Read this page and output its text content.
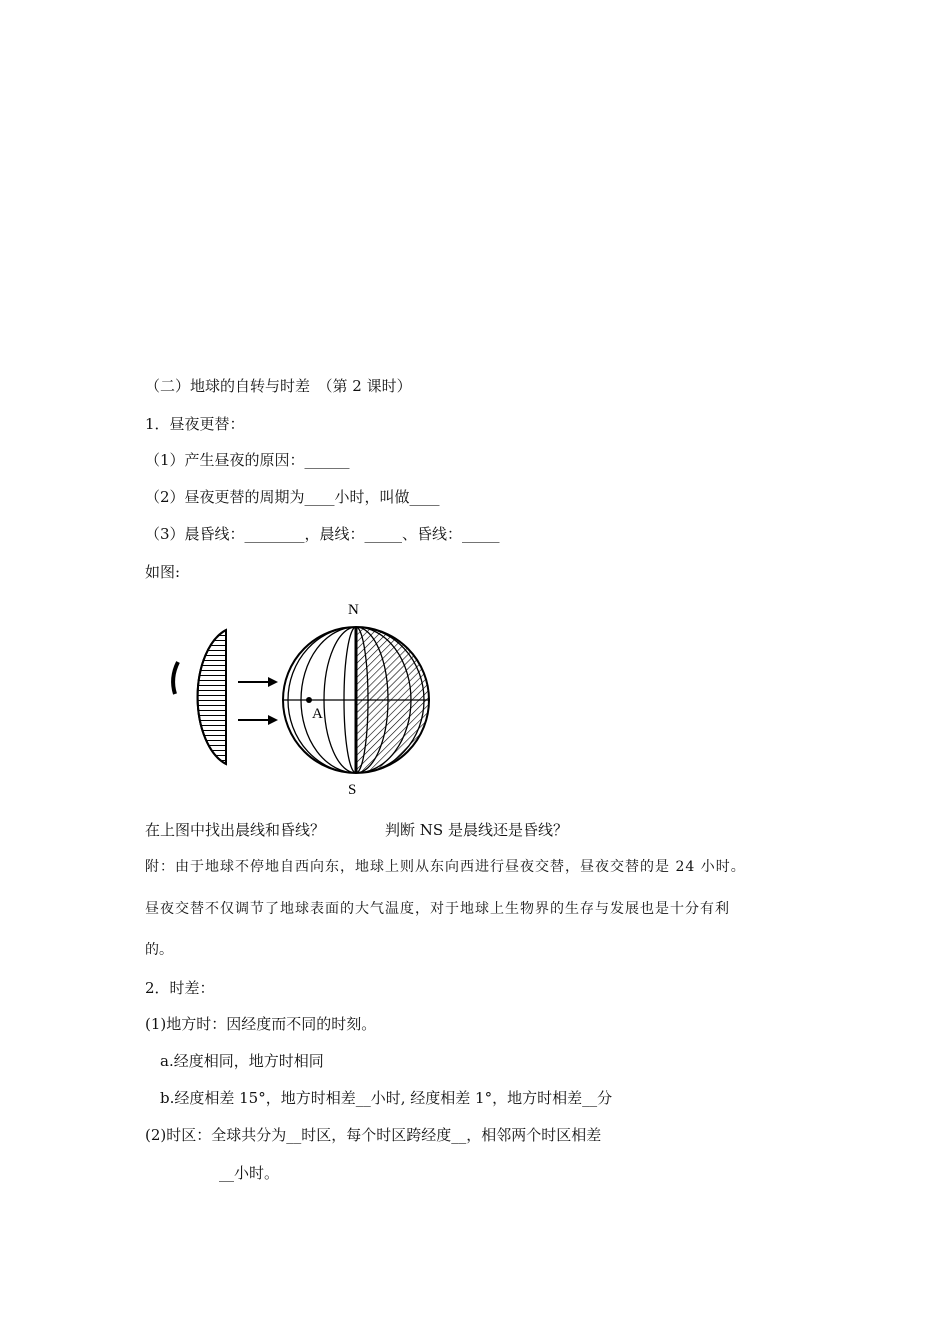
（二）地球的自转与时差　（第 2 课时）
1．昼夜更替：
（1）产生昼夜的原因：______
（2）昼夜更替的周期为____小时，叫做____
（3）晨昏线：________，晨线：_____、昏线：_____
如图:
N
S
A
在上图中找出晨线和昏线？　　　　判断 NS 是晨线还是昏线？
附：由于地球不停地自西向东，地球上则从东向西进行昼夜交替，昼夜交替的是 24 小时。
昼夜交替不仅调节了地球表面的大气温度，对于地球上生物界的生存与发展也是十分有利
的。
2．时差：
(1)地方时：因经度而不同的时刻。
a.经度相同，地方时相同
b.经度相差 15°，地方时相差__小时, 经度相差 1°，地方时相差__分
(2)时区：全球共分为__时区，每个时区跨经度__，相邻两个时区相差
__小时。
